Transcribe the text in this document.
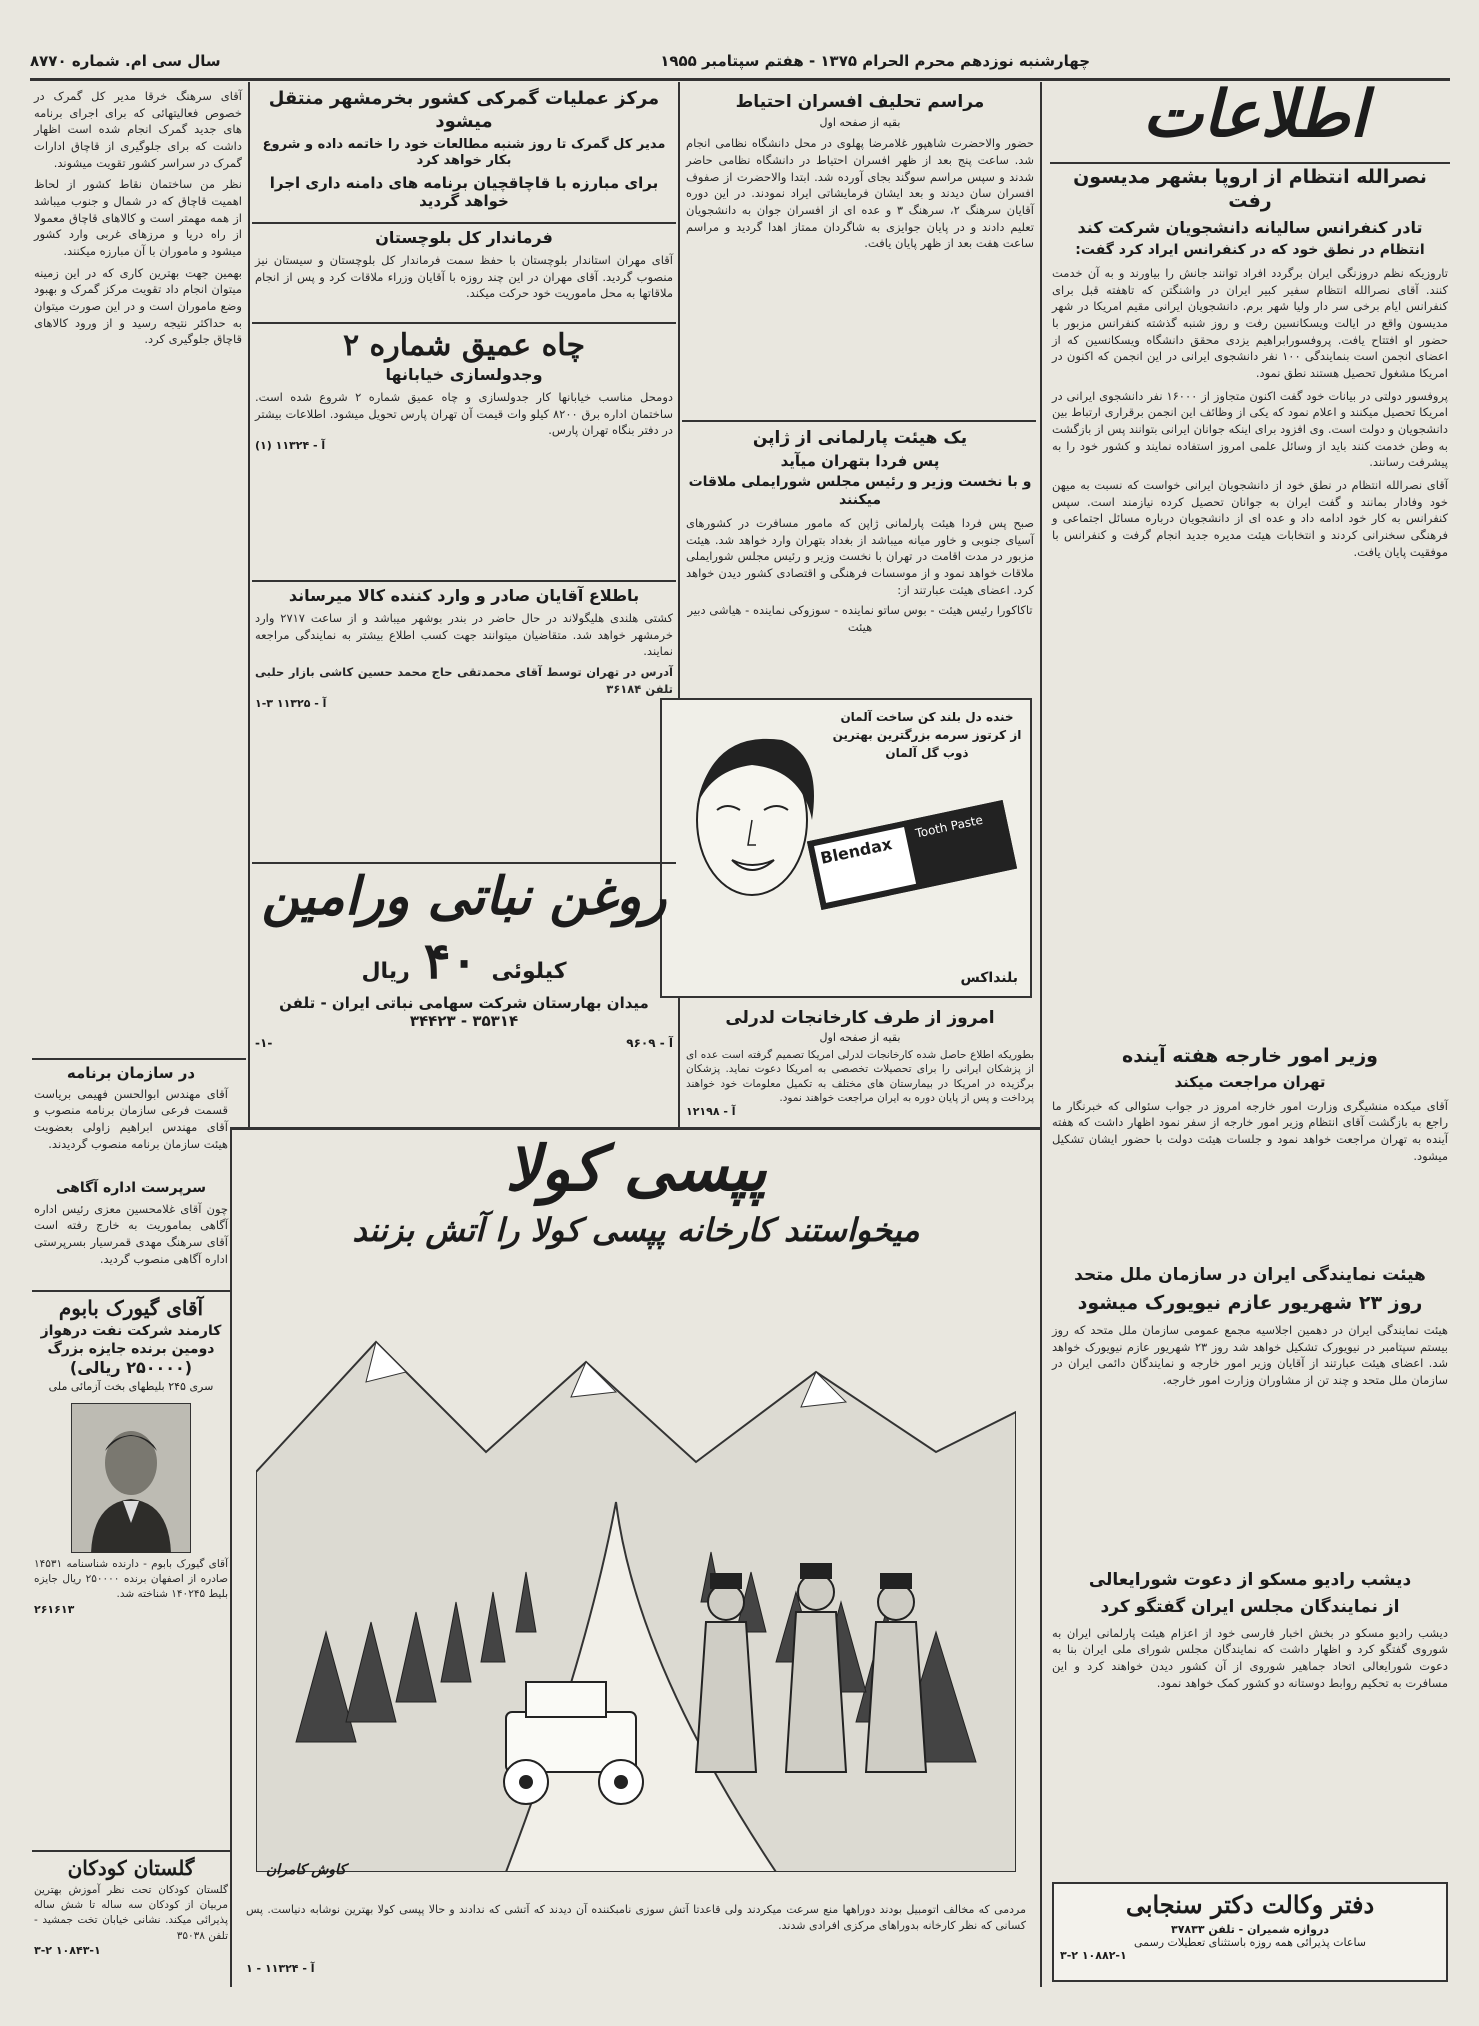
چهارشنبه نوزدهم محرم الحرام ۱۳۷۵ - هفتم سپتامبر ۱۹۵۵
سال سی ام. شماره ۸۷۷۰
اطلاعات
نصرالله انتظام از اروپا بشهر مدیسون رفت
تادر کنفرانس سالیانه دانشجویان شرکت کند
انتظام در نطق خود که در کنفرانس ایراد کرد گفت:
تاروزیکه نظم دروزنگی ایران برگردد افراد توانند جانش را بیاورند و به آن خدمت کنند. آقای نصرالله انتظام سفیر کبیر ایران در واشنگتن که تاهفته قبل برای کنفرانس ایام برخی سر دار ولیا شهر برم. دانشجویان ایرانی مقیم امریکا در شهر مدیسون واقع در ایالت ویسکانسین رفت و روز شنبه گذشته کنفرانس مزبور با حضور او افتتاح یافت. پروفسورابراهیم یزدی محقق دانشگاه ویسکانسین که از اعضای انجمن است بنمایندگی ۱۰۰ نفر دانشجوی ایرانی در این انجمن که اکنون در امریکا مشغول تحصیل هستند نطق نمود.
پروفسور دولتی در بیانات خود گفت اکنون متجاوز از ۱۶۰۰۰ نفر دانشجوی ایرانی در امریکا تحصیل میکنند و اعلام نمود که یکی از وظائف این انجمن برقراری ارتباط بین دانشجویان و دولت است. وی افزود برای اینکه جوانان ایرانی بتوانند پس از بازگشت به وطن خدمت کنند باید از وسائل علمی امروز استفاده نمایند و کشور خود را به پیشرفت رسانند.
آقای نصرالله انتظام در نطق خود از دانشجویان ایرانی خواست که نسبت به میهن خود وفادار بمانند و گفت ایران به جوانان تحصیل کرده نیازمند است. سپس کنفرانس به کار خود ادامه داد و عده ای از دانشجویان درباره مسائل اجتماعی و فرهنگی سخنرانی کردند و انتخابات هیئت مدیره جدید انجام گرفت و کنفرانس با موفقیت پایان یافت.
وزیر امور خارجه هفته آینده
تهران مراجعت میکند
آقای میکده منشیگری وزارت امور خارجه امروز در جواب سئوالی که خبرنگار ما راجع به بازگشت آقای انتظام وزیر امور خارجه از سفر نمود اظهار داشت که هفته آینده به تهران مراجعت خواهد نمود و جلسات هیئت دولت با حضور ایشان تشکیل میشود.
هیئت نمایندگی ایران در سازمان ملل متحد
روز ۲۳ شهریور عازم نیویورک میشود
هیئت نمایندگی ایران در دهمین اجلاسیه مجمع عمومی سازمان ملل متحد که روز بیستم سپتامبر در نیویورک تشکیل خواهد شد روز ۲۳ شهریور عازم نیویورک خواهد شد. اعضای هیئت عبارتند از آقایان وزیر امور خارجه و نمایندگان دائمی ایران در سازمان ملل متحد و چند تن از مشاوران وزارت امور خارجه.
دیشب رادیو مسکو از دعوت شورایعالی
از نمایندگان مجلس ایران گفتگو کرد
دیشب رادیو مسکو در بخش اخبار فارسی خود از اعزام هیئت پارلمانی ایران به شوروی گفتگو کرد و اظهار داشت که نمایندگان مجلس شورای ملی ایران بنا به دعوت شورایعالی اتحاد جماهیر شوروی از آن کشور دیدن خواهند کرد و این مسافرت به تحکیم روابط دوستانه دو کشور کمک خواهد نمود.
دفتر وکالت دکتر سنجابی
دروازه شمیران - تلفن ۳۷۸۳۳
ساعات پذیرائی همه روزه باستثنای تعطیلات رسمی
۱۰۸۸۲-۱ ۳-۲
مراسم تحلیف افسران احتیاط
بقیه از صفحه اول
حضور والاحضرت شاهپور غلامرضا پهلوی در محل دانشگاه نظامی انجام شد. ساعت پنج بعد از ظهر افسران احتیاط در دانشگاه نظامی حاضر شدند و سپس مراسم سوگند بجای آورده شد. ابتدا والاحضرت از صفوف افسران سان دیدند و بعد ایشان فرمایشاتی ایراد نمودند. در این دوره آقایان سرهنگ ۲، سرهنگ ۳ و عده ای از افسران جوان به دانشجویان تعلیم دادند و در پایان جوایزی به شاگردان ممتاز اهدا گردید و مراسم ساعت هفت بعد از ظهر پایان یافت.
یک هیئت پارلمانی از ژاپن
پس فردا بتهران میآید
و با نخست وزیر و رئیس مجلس شورایملی ملاقات میکنند
صبح پس فردا هیئت پارلمانی ژاپن که مامور مسافرت در کشورهای آسیای جنوبی و خاور میانه میباشد از بغداد بتهران وارد خواهد شد. هیئت مزبور در مدت اقامت در تهران با نخست وزیر و رئیس مجلس شورایملی ملاقات خواهد نمود و از موسسات فرهنگی و اقتصادی کشور دیدن خواهد کرد. اعضای هیئت عبارتند از:
تاکاکورا رئیس هیئت - بوس ساتو نماینده - سوزوکی نماینده - هیاشی دبیر هیئت
خنده دل بلند کن ساخت آلمان
از کرتوز سرمه بزرگترین بهترین ذوب گل آلمان
Blendax
Tooth Paste
بلنداکس
امروز از طرف کارخانجات لدرلی
بقیه از صفحه اول
بطوریکه اطلاع حاصل شده کارخانجات لدرلی امریکا تصمیم گرفته است عده ای از پزشکان ایرانی را برای تحصیلات تخصصی به امریکا دعوت نماید. پزشکان برگزیده در امریکا در بیمارستان های مختلف به تکمیل معلومات خود خواهند پرداخت و پس از پایان دوره به ایران مراجعت خواهند نمود.
آ - ۱۲۱۹۸
مرکز عملیات گمرکی کشور بخرمشهر منتقل میشود
مدیر کل گمرک تا روز شنبه مطالعات خود را خاتمه داده و شروع بکار خواهد کرد
برای مبارزه با قاچاقچیان برنامه های دامنه داری اجرا خواهد گردید
فرماندار کل بلوچستان
آقای مهران استاندار بلوچستان با حفظ سمت فرماندار کل بلوچستان و سیستان نیز منصوب گردید. آقای مهران در این چند روزه با آقایان وزراء ملاقات کرد و پس از انجام ملاقاتها به محل ماموریت خود حرکت میکند.
چاه عمیق شماره ۲
وجدولسازی خیابانها
دومحل مناسب خیابانها کار جدولسازی و چاه عمیق شماره ۲ شروع شده است. ساختمان اداره برق ۸۲۰۰ کیلو وات قیمت آن تهران پارس تحویل میشود. اطلاعات بیشتر در دفتر بنگاه تهران پارس.
آ - ۱۱۳۲۴ (۱)
باطلاع آقایان صادر و وارد کننده کالا میرساند
کشتی هلندی هلیگولاند در حال حاضر در بندر بوشهر میباشد و از ساعت ۲۷۱۷ وارد خرمشهر خواهد شد. متقاضیان میتوانند جهت کسب اطلاع بیشتر به نمایندگی مراجعه نمایند.
آدرس در تهران توسط آقای محمدتقی حاج محمد حسین کاشی بازار حلبی تلفن ۳۶۱۸۴
آ - ۱۱۳۲۵ ۳-۱
روغن نباتی ورامین
کیلوئی
۴۰
ریال
میدان بهارستان شرکت سهامی نباتی ایران - تلفن ۳۵۳۱۴ - ۳۴۴۲۳
آ - ۹۶۰۹
-۱-
آقای سرهنگ خرقا مدیر کل گمرک در خصوص فعالیتهائی که برای اجرای برنامه های جدید گمرک انجام شده است اظهار داشت که برای جلوگیری از قاچاق ادارات گمرک در سراسر کشور تقویت میشوند.
نظر من ساختمان نقاط کشور از لحاظ اهمیت قاچاق که در شمال و جنوب میباشد از همه مهمتر است و کالاهای قاچاق معمولا از راه دریا و مرزهای غربی وارد کشور میشود و ماموران با آن مبارزه میکنند.
بهمین جهت بهترین کاری که در این زمینه میتوان انجام داد تقویت مرکز گمرک و بهبود وضع ماموران است و در این صورت میتوان به حداکثر نتیجه رسید و از ورود کالاهای قاچاق جلوگیری کرد.
در سازمان برنامه
آقای مهندس ابوالحسن فهیمی بریاست قسمت فرعی سازمان برنامه منصوب و آقای مهندس ابراهیم زاولی بعضویت هیئت سازمان برنامه منصوب گردیدند.
سرپرست اداره آگاهی
چون آقای غلامحسین معزی رئیس اداره آگاهی بماموریت به خارج رفته است آقای سرهنگ مهدی قمرسیار بسرپرستی اداره آگاهی منصوب گردید.
آقای گیورک بابوم
کارمند شرکت نفت درهواز
دومین برنده جایزه بزرگ
(۲۵۰۰۰۰ ریالی)
سری ۲۴۵ بلیطهای بخت آزمائی ملی
آقای گیورک بابوم - دارنده شناسنامه ۱۴۵۳۱ صادره از اصفهان برنده ۲۵۰۰۰۰ ریال جایزه بلیط ۱۴۰۲۴۵ شناخته شد.
۲۶۱۶۱۳
گلستان کودکان
گلستان کودکان تحت نظر آموزش بهترین مربیان از کودکان سه ساله تا شش ساله پذیرائی میکند. نشانی خیابان تخت جمشید - تلفن ۳۵۰۳۸
۱۰۸۴۳-۱ ۳-۲
پپسی کولا
میخواستند کارخانه پپسی کولا را آتش بزنند
کاوش کامران
مردمی که مخالف اتومبیل بودند دوراهها منع سرعت میکردند ولی قاعدتا آتش سوزی نامبکننده آن دیدند که آتشی که ندادند و حالا پپسی کولا بهترین نوشابه دنیاست. پس کسانی که نظر کارخانه بدوراهای مرکزی افرادی شدند.
آ - ۱۱۳۲۴ - ۱
